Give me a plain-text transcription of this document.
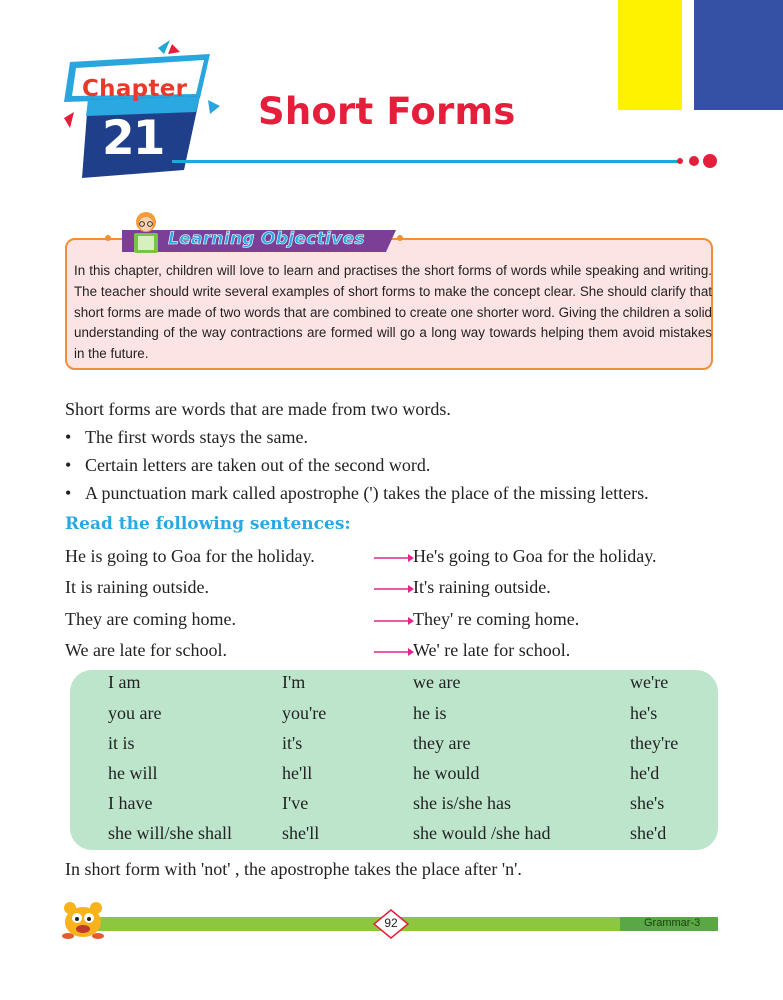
Chapter
21	Short Forms
Learning Objectives
In this chapter, children will love to learn and practises the short forms of words while speaking and writing. The teacher should write several examples of short forms to make the concept clear. She should clarify that short forms are made of two words that are combined to create one shorter word. Giving the children a solid understanding of the way contractions are formed will go a long way towards helping them avoid mistakes in the future.
Short forms are words that are made from two words.
• The first words stays the same.
• Certain letters are taken out of the second word.
• A punctuation mark called apostrophe (') takes the place of the missing letters.
Read the following sentences:
He is going to Goa for the holiday.	He's going to Goa for the holiday.
It is raining outside.	It's raining outside.
They are coming home.	They' re coming home.
We are late for school.	We' re late for school.
I am	I'm	we are	we're
you are	you're	he is	he's
it is	it's	they are	they're
he will	he'll	he would	he'd
I have	I've	she is/she has	she's
she will/she shall	she'll	she would /she had	she'd
In short form with 'not' , the apostrophe takes the place after 'n'.
92	Grammar-3
